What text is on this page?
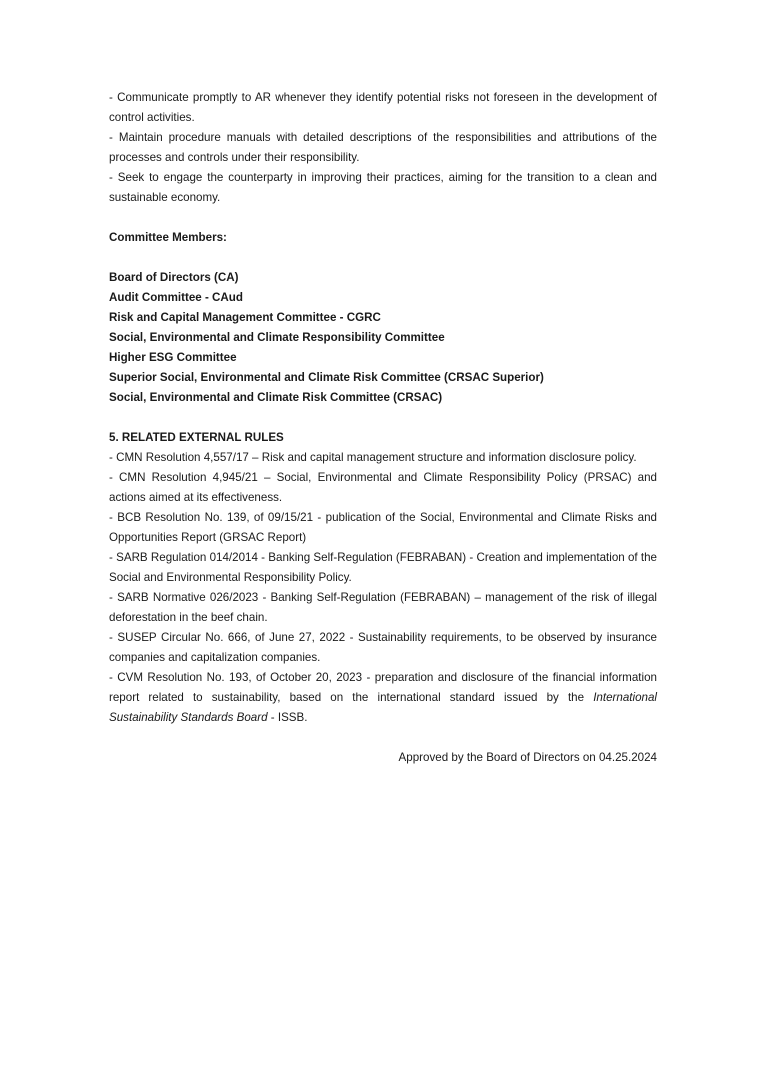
- Communicate promptly to AR whenever they identify potential risks not foreseen in the development of control activities.

- Maintain procedure manuals with detailed descriptions of the responsibilities and attributions of the processes and controls under their responsibility.

- Seek to engage the counterparty in improving their practices, aiming for the transition to a clean and sustainable economy.

Committee Members:

Board of Directors (CA)

Audit Committee - CAud

Risk and Capital Management Committee - CGRC

Social, Environmental and Climate Responsibility Committee

Higher ESG Committee

Superior Social, Environmental and Climate Risk Committee (CRSAC Superior)

Social, Environmental and Climate Risk Committee (CRSAC)

5. RELATED EXTERNAL RULES

- CMN Resolution 4,557/17 – Risk and capital management structure and information disclosure policy.

- CMN Resolution 4,945/21 – Social, Environmental and Climate Responsibility Policy (PRSAC) and actions aimed at its effectiveness.

- BCB Resolution No. 139, of 09/15/21 - publication of the Social, Environmental and Climate Risks and Opportunities Report (GRSAC Report)

- SARB Regulation 014/2014 - Banking Self-Regulation (FEBRABAN) - Creation and implementation of the Social and Environmental Responsibility Policy.

- SARB Normative 026/2023 - Banking Self-Regulation (FEBRABAN) – management of the risk of illegal deforestation in the beef chain.

- SUSEP Circular No. 666, of June 27, 2022 - Sustainability requirements, to be observed by insurance companies and capitalization companies.

- CVM Resolution No. 193, of October 20, 2023 - preparation and disclosure of the financial information report related to sustainability, based on the international standard issued by the International Sustainability Standards Board - ISSB.

Approved by the Board of Directors on 04.25.2024
